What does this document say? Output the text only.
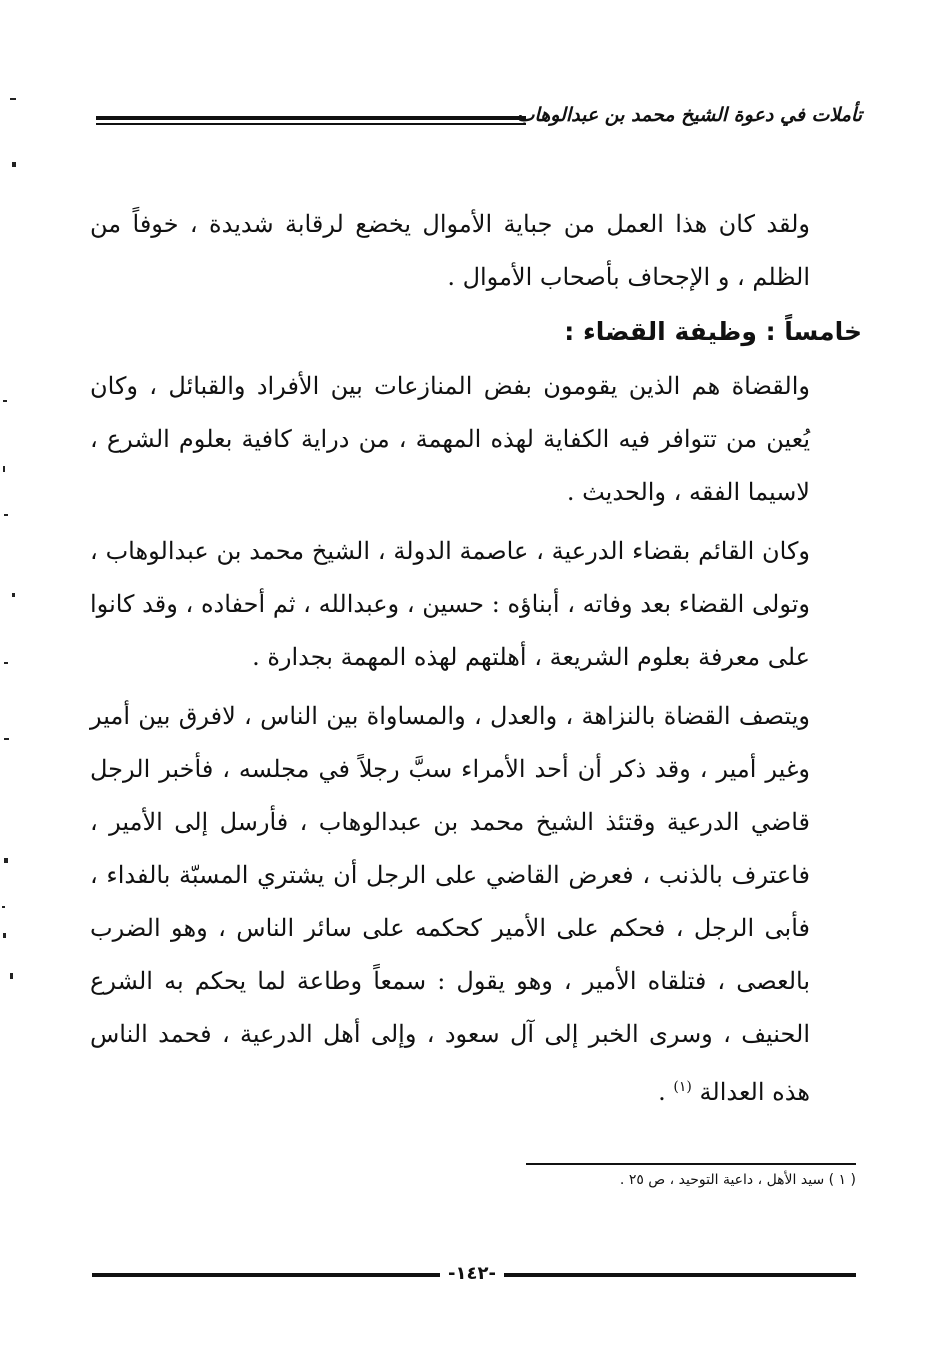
تأملات في دعوة الشيخ محمد بن عبدالوهاب

ولقد كان هذا العمل من جباية الأموال يخضع لرقابة شديدة ، خوفاً من الظلم ، و الإجحاف بأصحاب الأموال .

خامساً : وظيفة القضاء :

والقضاة هم الذين يقومون بفض المنازعات بين الأفراد والقبائل ، وكان يُعين من تتوافر فيه الكفاية لهذه المهمة ، من دراية كافية بعلوم الشرع ، لاسيما الفقه ، والحديث .

وكان القائم بقضاء الدرعية ، عاصمة الدولة ، الشيخ محمد بن عبدالوهاب ، وتولى القضاء بعد وفاته ، أبناؤه : حسين ، وعبدالله ، ثم أحفاده ، وقد كانوا على معرفة بعلوم الشريعة ، أهلتهم لهذه المهمة بجدارة .

ويتصف القضاة بالنزاهة ، والعدل ، والمساواة بين الناس ، لافرق بين أمير وغير أمير ، وقد ذكر أن أحد الأمراء سبَّ رجلاً في مجلسه ، فأخبر الرجل قاضي الدرعية وقتئذ الشيخ محمد بن عبدالوهاب ، فأرسل إلى الأمير ، فاعترف بالذنب ، فعرض القاضي على الرجل أن يشتري المسبّة بالفداء ، فأبى الرجل ، فحكم على الأمير كحكمه على سائر الناس ، وهو الضرب بالعصى ، فتلقاه الأمير ، وهو يقول : سمعاً وطاعة لما يحكم به الشرع الحنيف ، وسرى الخبر إلى آل سعود ، وإلى أهل الدرعية ، فحمد الناس هذه العدالة $^{(١)}$ .

( ١ ) سيد الأهل ، داعية التوحيد ، ص ٢٥ .
-١٤٢-
